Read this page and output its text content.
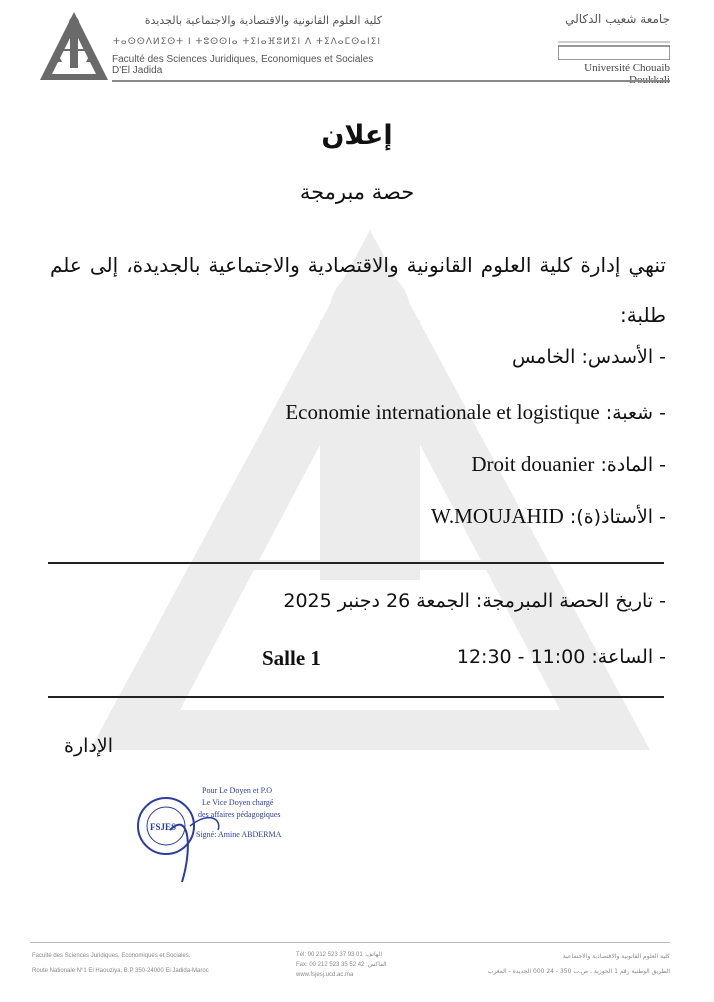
كلية العلوم القانونية والاقتصادية والاجتماعية بالجديدة
ⵜⴰⵙⵙⴷⵍⵉⵙⵜ ⵏ ⵜⵓⵙⵙⵏⴰ ⵜⵉⵏⴰⴼⵓⵍⵉⵏ ⴷ ⵜⵉⴷⴰⵎⵙⴰⵏⵉⵏ
Faculté des Sciences Juridiques, Economiques et Sociales D'El Jadida
جامعة شعيب الدكالي
Université Chouaib
إعلان
حصة مبرمجة
تنهي إدارة كلية العلوم القانونية والاقتصادية والاجتماعية بالجديدة، إلى علم طلبة:
- الأسدس: الخامس
- شعبة: Economie internationale et logistique
- المادة: Droit douanier
- الأستاذ(ة): W.MOUJAHID
- تاريخ الحصة المبرمجة: الجمعة 26 دجنبر 2025
- الساعة: 11:00 - 12:30
Salle 1
الإدارة
FSJES
Pour Le Doyen et P.O
Le Vice Doyen chargé
des affaires pédagogiques
Signé: Amine ABDERMA
Faculté des Sciences Juridiques, Economiques et Sociales.
Route Nationale N°1 El Haouziya, B.P 350-24000 El Jadida-Maroc
Tél: 00 212 523 37 93 01 :الهاتف
Fax: 00 212 523 35 52 42 :الفاكس
www.fsjesj.ucd.ac.ma
كلية العلوم القانونية والاقتصادية والاجتماعية
الطريق الوطنية رقم 1 الحوزية ، ص.ب 350 - 24 000 الجديدة - المغرب
